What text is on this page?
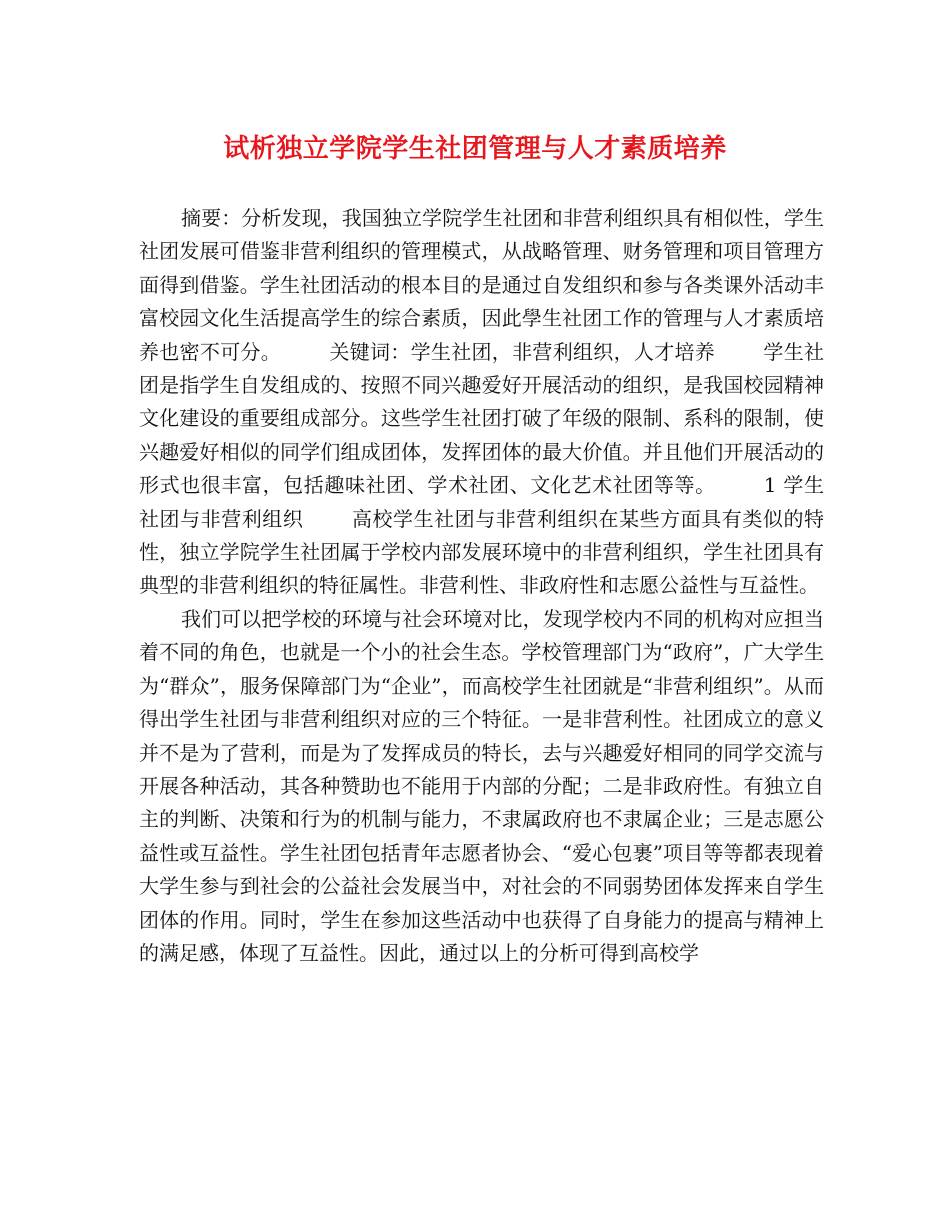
试析独立学院学生社团管理与人才素质培养

摘要：分析发现，我国独立学院学生社团和非营利组织具有相似性，学生社团发展可借鉴非营利组织的管理模式，从战略管理、财务管理和项目管理方面得到借鉴。学生社团活动的根本目的是通过自发组织和参与各类课外活动丰富校园文化生活提高学生的综合素质，因此學生社团工作的管理与人才素质培养也密不可分。 关键词：学生社团，非营利组织，人才培养 学生社团是指学生自发组成的、按照不同兴趣爱好开展活动的组织，是我国校园精神文化建设的重要组成部分。这些学生社团打破了年级的限制、系科的限制，使兴趣爱好相似的同学们组成团体，发挥团体的最大价值。并且他们开展活动的形式也很丰富，包括趣味社团、学术社团、文化艺术社团等等。 1 学生社团与非营利组织 高校学生社团与非营利组织在某些方面具有类似的特性，独立学院学生社团属于学校内部发展环境中的非营利组织，学生社团具有典型的非营利组织的特征属性。非营利性、非政府性和志愿公益性与互益性。

我们可以把学校的环境与社会环境对比，发现学校内不同的机构对应担当着不同的角色，也就是一个小的社会生态。学校管理部门为“政府”，广大学生为“群众”，服务保障部门为“企业”，而高校学生社团就是“非营利组织”。从而得出学生社团与非营利组织对应的三个特征。一是非营利性。社团成立的意义并不是为了营利，而是为了发挥成员的特长，去与兴趣爱好相同的同学交流与开展各种活动，其各种赞助也不能用于内部的分配；二是非政府性。有独立自主的判断、决策和行为的机制与能力，不隶属政府也不隶属企业；三是志愿公益性或互益性。学生社团包括青年志愿者协会、“爱心包裹”项目等等都表现着大学生参与到社会的公益社会发展当中，对社会的不同弱势团体发挥来自学生团体的作用。同时，学生在参加这些活动中也获得了自身能力的提高与精神上的满足感，体现了互益性。因此，通过以上的分析可得到高校学
